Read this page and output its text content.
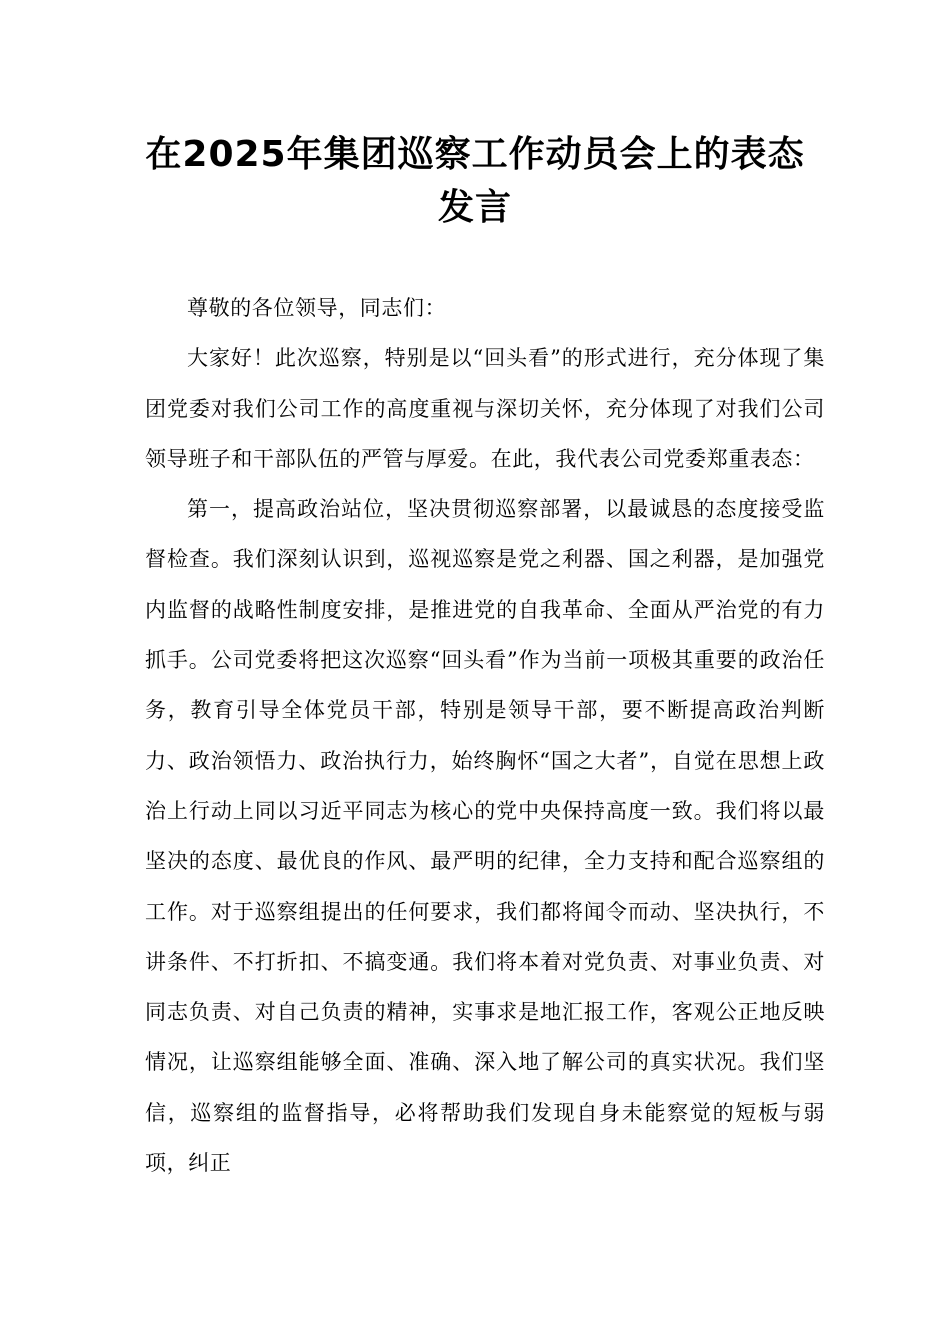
在2025年集团巡察工作动员会上的表态发言

尊敬的各位领导，同志们：

大家好！此次巡察，特别是以“回头看”的形式进行，充分体现了集团党委对我们公司工作的高度重视与深切关怀，充分体现了对我们公司领导班子和干部队伍的严管与厚爱。在此，我代表公司党委郑重表态：

第一，提高政治站位，坚决贯彻巡察部署，以最诚恳的态度接受监督检查。我们深刻认识到，巡视巡察是党之利器、国之利器，是加强党内监督的战略性制度安排，是推进党的自我革命、全面从严治党的有力抓手。公司党委将把这次巡察“回头看”作为当前一项极其重要的政治任务，教育引导全体党员干部，特别是领导干部，要不断提高政治判断力、政治领悟力、政治执行力，始终胸怀“国之大者”，自觉在思想上政治上行动上同以习近平同志为核心的党中央保持高度一致。我们将以最坚决的态度、最优良的作风、最严明的纪律，全力支持和配合巡察组的工作。对于巡察组提出的任何要求，我们都将闻令而动、坚决执行，不讲条件、不打折扣、不搞变通。我们将本着对党负责、对事业负责、对同志负责、对自己负责的精神，实事求是地汇报工作，客观公正地反映情况，让巡察组能够全面、准确、深入地了解公司的真实状况。我们坚信，巡察组的监督指导，必将帮助我们发现自身未能察觉的短板与弱项，纠正
